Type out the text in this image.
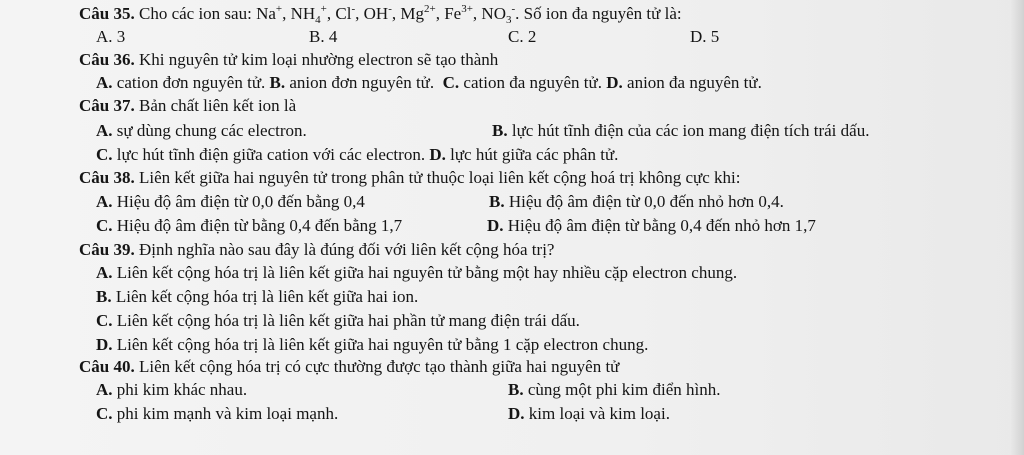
Câu 35. Cho các ion sau: Na+, $NH_4^+$, Cl-, OH-, $Mg^{2+}$, $Fe^{3+}$, $NO_3^-$. Số ion đa nguyên tử là:
A. 3	B. 4	C. 2	D. 5
Câu 36. Khi nguyên tử kim loại nhường electron sẽ tạo thành
A. cation đơn nguyên tử. B. anion đơn nguyên tử. C. cation đa nguyên tử. D. anion đa nguyên tử.
Câu 37. Bản chất liên kết ion là
A. sự dùng chung các electron.	B. lực hút tĩnh điện của các ion mang điện tích trái dấu.
C. lực hút tĩnh điện giữa cation với các electron. D. lực hút giữa các phân tử.
Câu 38. Liên kết giữa hai nguyên tử trong phân tử thuộc loại liên kết cộng hoá trị không cực khi:
A. Hiệu độ âm điện từ 0,0 đến bằng 0,4	B. Hiệu độ âm điện từ 0,0 đến nhỏ hơn 0,4.
C. Hiệu độ âm điện từ bằng 0,4 đến bằng 1,7	D. Hiệu độ âm điện từ bằng 0,4 đến nhỏ hơn 1,7
Câu 39. Định nghĩa nào sau đây là đúng đối với liên kết cộng hóa trị?
A. Liên kết cộng hóa trị là liên kết giữa hai nguyên tử bằng một hay nhiều cặp electron chung.
B. Liên kết cộng hóa trị là liên kết giữa hai ion.
C. Liên kết cộng hóa trị là liên kết giữa hai phần tử mang điện trái dấu.
D. Liên kết cộng hóa trị là liên kết giữa hai nguyên tử bằng 1 cặp electron chung.
Câu 40. Liên kết cộng hóa trị có cực thường được tạo thành giữa hai nguyên tử
A. phi kim khác nhau.	B. cùng một phi kim điển hình.
C. phi kim mạnh và kim loại mạnh.	D. kim loại và kim loại.
